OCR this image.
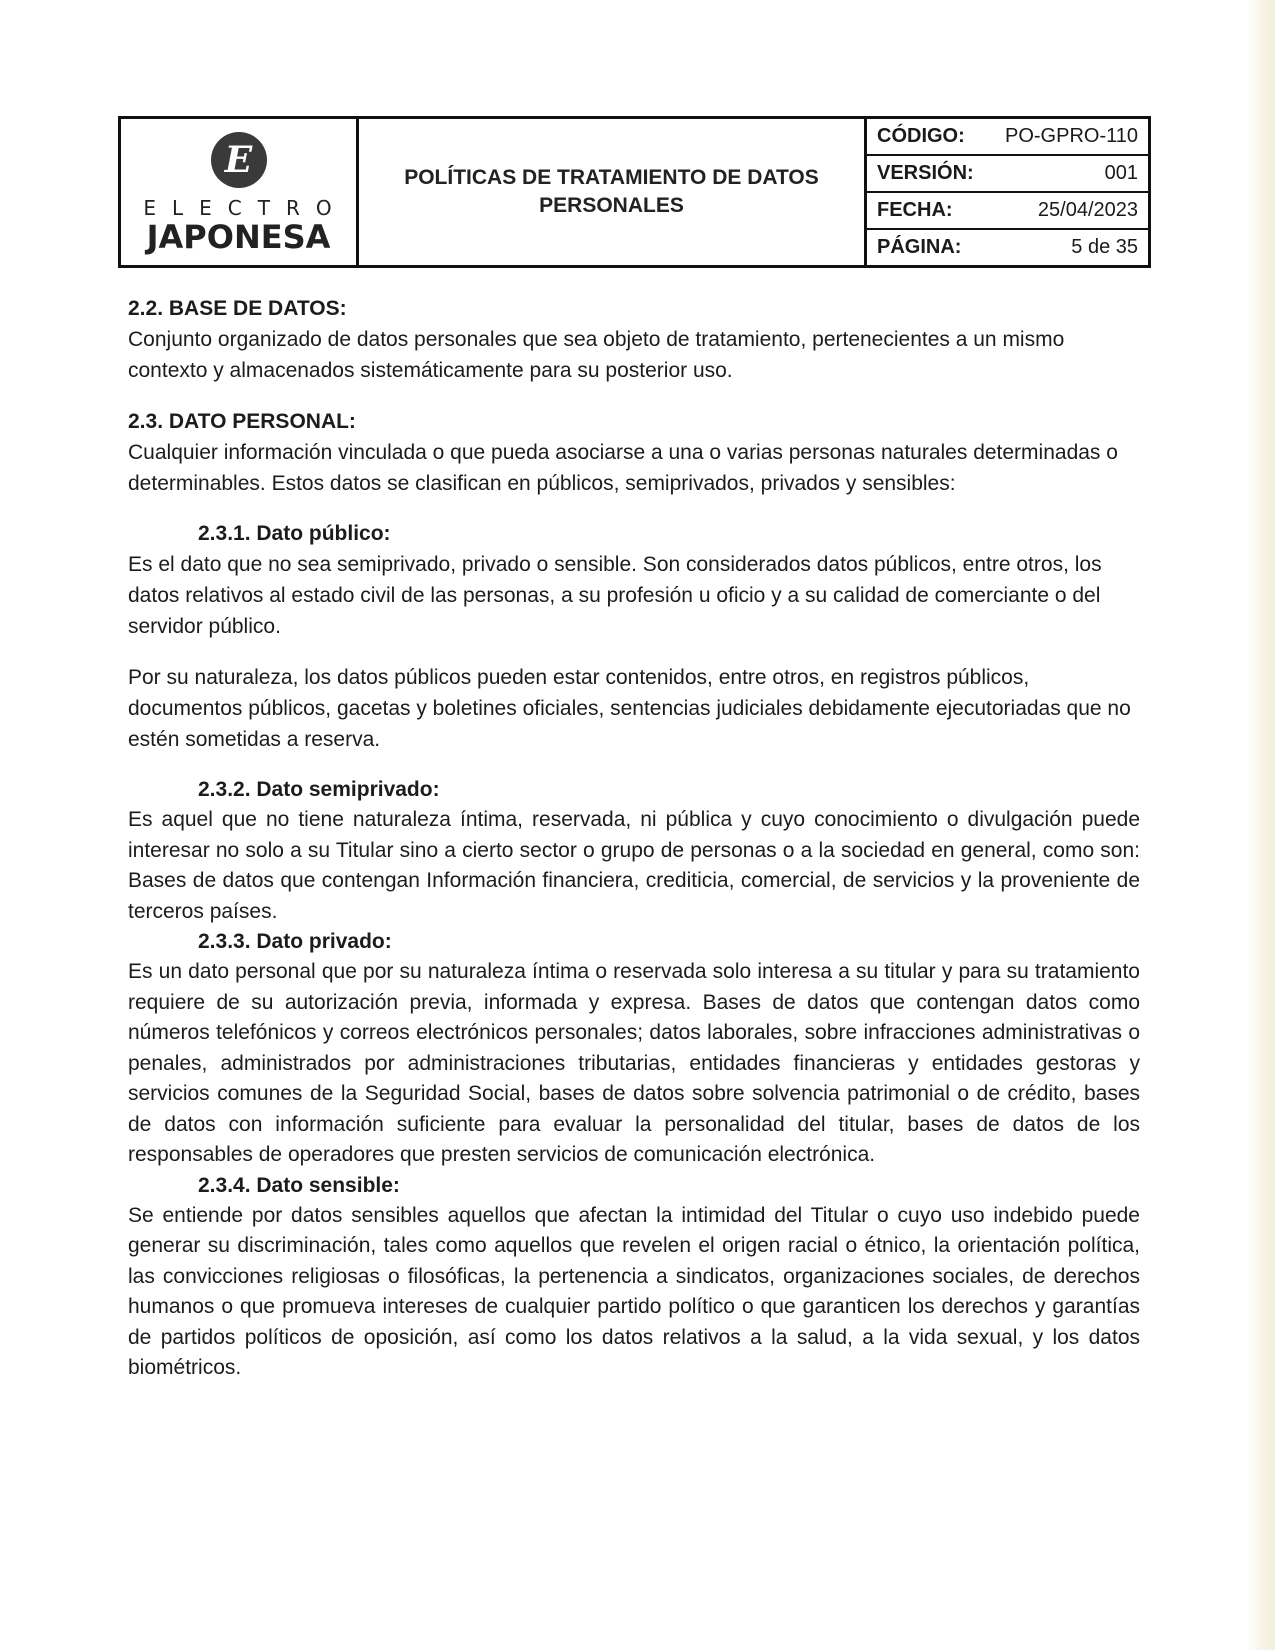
E
ELECTRO
JAPONESA
POLÍTICAS DE TRATAMIENTO DE DATOS PERSONALES
CÓDIGO: PO-GPRO-110
VERSIÓN:	001
FECHA:	25/04/2023
PÁGINA:	5 de 35
2.2. BASE DE DATOS:

Conjunto organizado de datos personales que sea objeto de tratamiento, pertenecientes a un mismo contexto y almacenados sistemáticamente para su posterior uso.

2.3. DATO PERSONAL:

Cualquier información vinculada o que pueda asociarse a una o varias personas naturales determinadas o determinables. Estos datos se clasifican en públicos, semiprivados, privados y sensibles:

2.3.1. Dato público:

Es el dato que no sea semiprivado, privado o sensible. Son considerados datos públicos, entre otros, los datos relativos al estado civil de las personas, a su profesión u oficio y a su calidad de comerciante o del servidor público.

Por su naturaleza, los datos públicos pueden estar contenidos, entre otros, en registros públicos, documentos públicos, gacetas y boletines oficiales, sentencias judiciales debidamente ejecutoriadas que no estén sometidas a reserva.

2.3.2. Dato semiprivado:

Es aquel que no tiene naturaleza íntima, reservada, ni pública y cuyo conocimiento o divulgación puede interesar no solo a su Titular sino a cierto sector o grupo de personas o a la sociedad en general, como son: Bases de datos que contengan Información financiera, crediticia, comercial, de servicios y la proveniente de terceros países.

2.3.3. Dato privado:

Es un dato personal que por su naturaleza íntima o reservada solo interesa a su titular y para su tratamiento requiere de su autorización previa, informada y expresa. Bases de datos que contengan datos como números telefónicos y correos electrónicos personales; datos laborales, sobre infracciones administrativas o penales, administrados por administraciones tributarias, entidades financieras y entidades gestoras y servicios comunes de la Seguridad Social, bases de datos sobre solvencia patrimonial o de crédito, bases de datos con información suficiente para evaluar la personalidad del titular, bases de datos de los responsables de operadores que presten servicios de comunicación electrónica.

2.3.4. Dato sensible:

Se entiende por datos sensibles aquellos que afectan la intimidad del Titular o cuyo uso indebido puede generar su discriminación, tales como aquellos que revelen el origen racial o étnico, la orientación política, las convicciones religiosas o filosóficas, la pertenencia a sindicatos, organizaciones sociales, de derechos humanos o que promueva intereses de cualquier partido político o que garanticen los derechos y garantías de partidos políticos de oposición, así como los datos relativos a la salud, a la vida sexual, y los datos biométricos.
